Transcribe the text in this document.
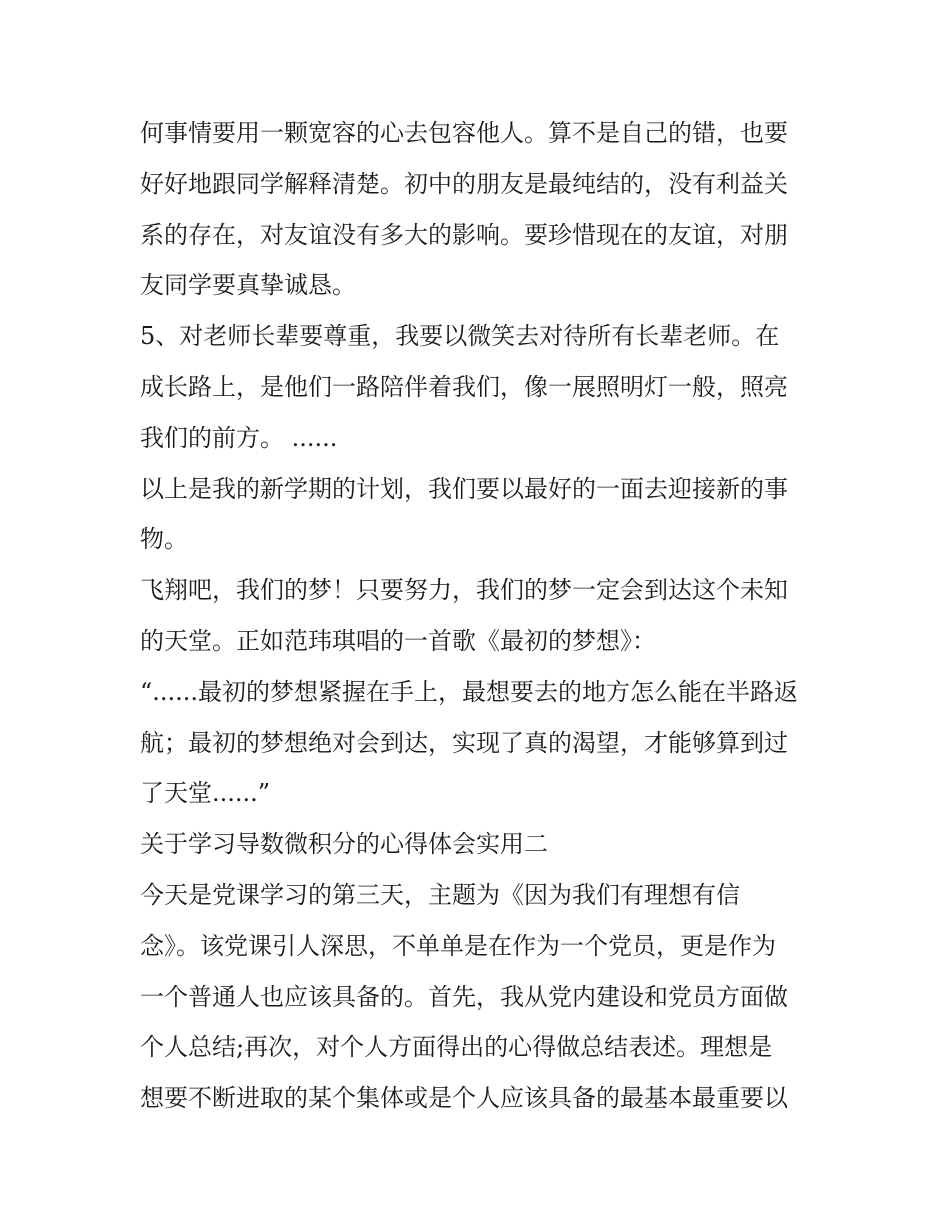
何事情要用一颗宽容的心去包容他人。算不是自己的错，也要
好好地跟同学解释清楚。初中的朋友是最纯结的，没有利益关
系的存在，对友谊没有多大的影响。要珍惜现在的友谊，对朋
友同学要真挚诚恳。
5、对老师长辈要尊重，我要以微笑去对待所有长辈老师。在
成长路上，是他们一路陪伴着我们，像一展照明灯一般，照亮
我们的前方。 ......
以上是我的新学期的计划，我们要以最好的一面去迎接新的事
物。
飞翔吧，我们的梦！只要努力，我们的梦一定会到达这个未知
的天堂。正如范玮琪唱的一首歌《最初的梦想》：
“......最初的梦想紧握在手上，最想要去的地方怎么能在半路返
航；最初的梦想绝对会到达，实现了真的渴望，才能够算到过
了天堂......”
关于学习导数微积分的心得体会实用二
今天是党课学习的第三天，主题为《因为我们有理想有信
念》。该党课引人深思，不单单是在作为一个党员，更是作为
一个普通人也应该具备的。首先，我从党内建设和党员方面做
个人总结;再次，对个人方面得出的心得做总结表述。理想是
想要不断进取的某个集体或是个人应该具备的最基本最重要以
